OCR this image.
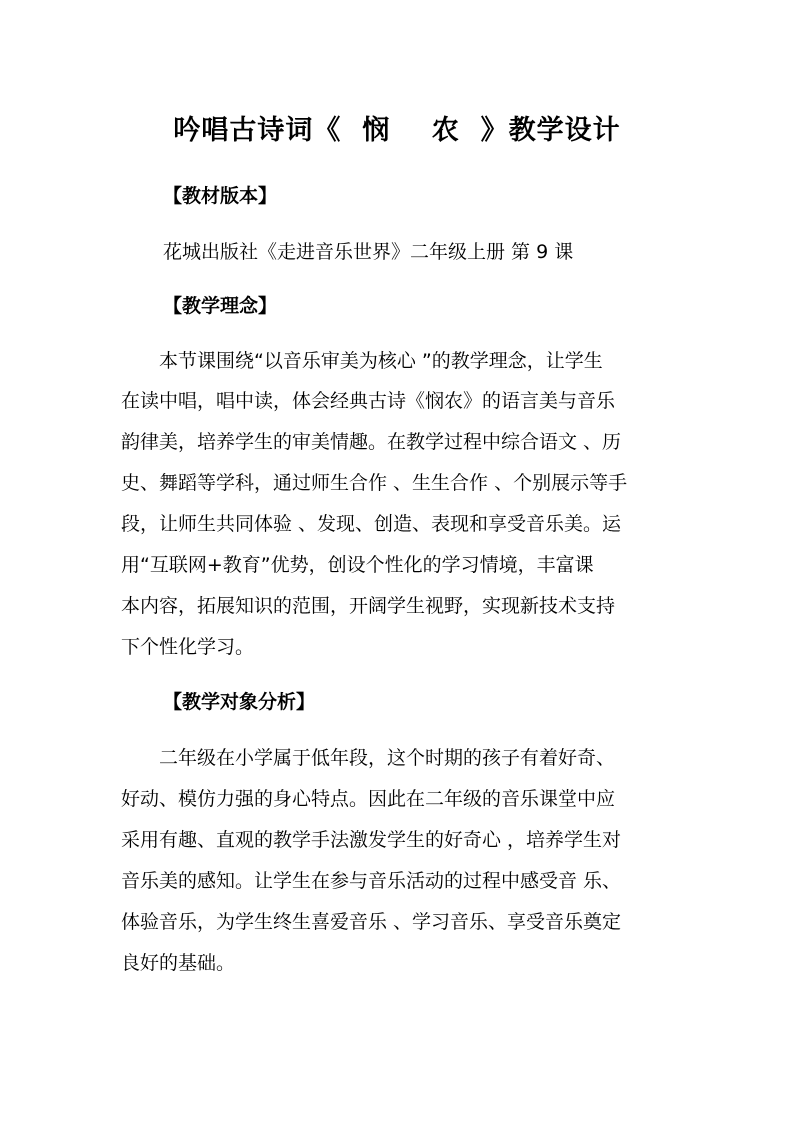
吟唱古诗词《  悯    农  》教学设计
【教材版本】
花城出版社《走进音乐世界》二年级上册 第 9 课
【教学理念】
本节课围绕“以音乐审美为核心 ”的教学理念，让学生
在读中唱，唱中读，体会经典古诗《悯农》的语言美与音乐
韵律美，培养学生的审美情趣。在教学过程中综合语文 、历
史、舞蹈等学科，通过师生合作 、生生合作 、个别展示等手
段，让师生共同体验 、发现、创造、表现和享受音乐美。运
用“互联网+教育”优势，创设个性化的学习情境，丰富课
本内容，拓展知识的范围，开阔学生视野，实现新技术支持
下个性化学习。
【教学对象分析】
二年级在小学属于低年段，这个时期的孩子有着好奇、
好动、模仿力强的身心特点。因此在二年级的音乐课堂中应
采用有趣、直观的教学手法激发学生的好奇心 ，培养学生对
音乐美的感知。让学生在参与音乐活动的过程中感受音 乐、
体验音乐，为学生终生喜爱音乐 、学习音乐、享受音乐奠定
良好的基础。
